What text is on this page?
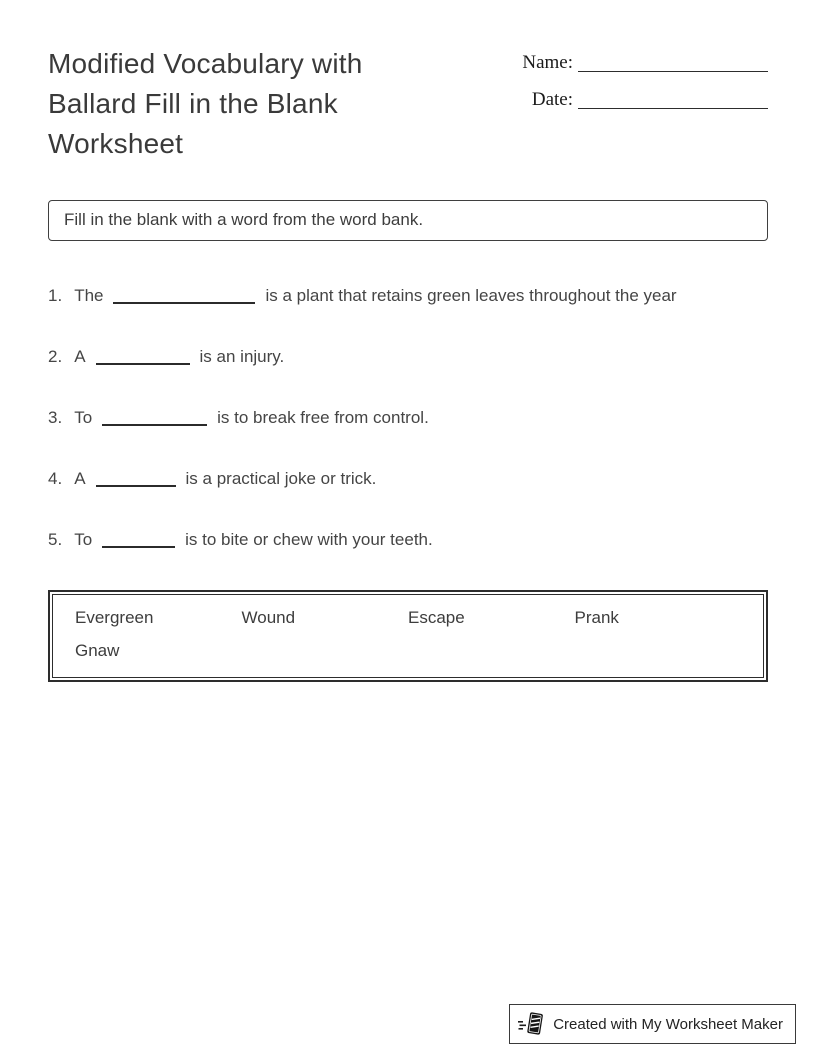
Modified Vocabulary with Ballard Fill in the Blank Worksheet
Name:
Date:
Fill in the blank with a word from the word bank.
1. The	is a plant that retains green leaves throughout the year
2. A	is an injury.
3. To	is to break free from control.
4. A	is a practical joke or trick.
5. To	is to bite or chew with your teeth.
Evergreen	Wound	Escape	Prank
Gnaw
Created with My Worksheet Maker
